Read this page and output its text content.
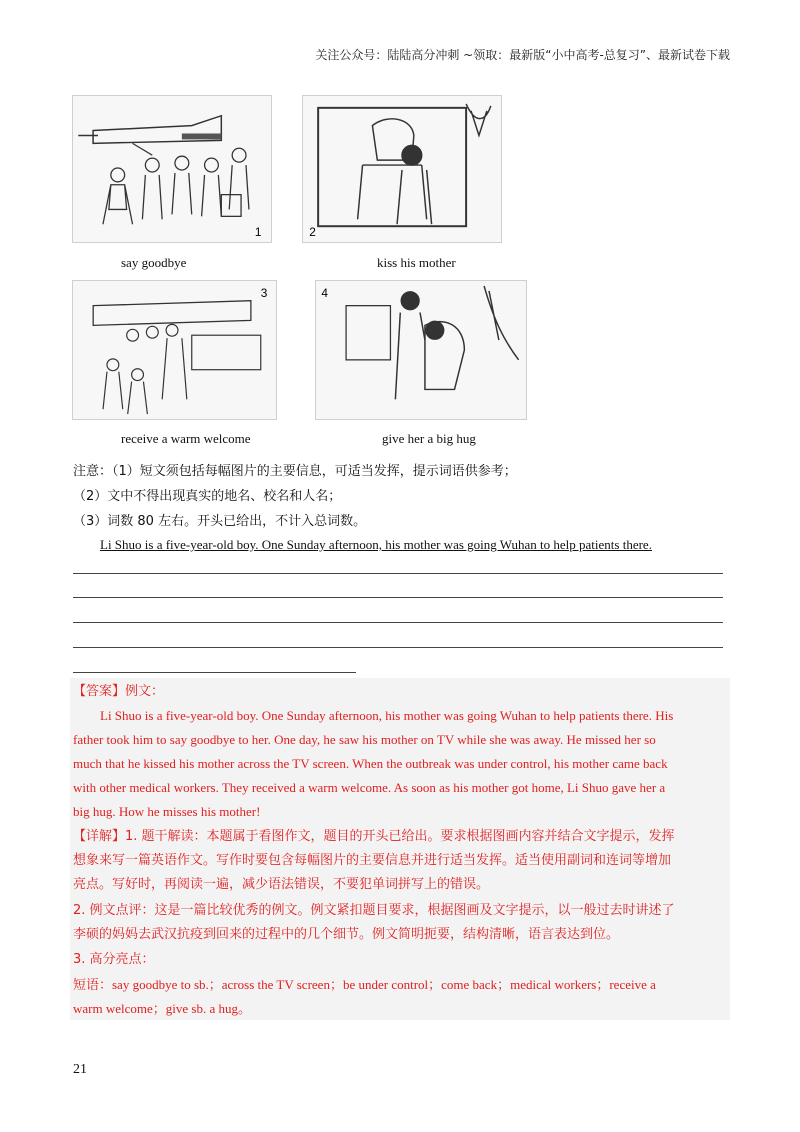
关注公众号：陆陆高分冲刺 ~领取：最新版“小中高考-总复习”、最新试卷下载
1	2
say goodbye	kiss his mother
3	4
receive a warm welcome	give her a big hug
注意：（1）短文须包括每幅图片的主要信息，可适当发挥，提示词语供参考；
（2）文中不得出现真实的地名、校名和人名；
（3）词数 80 左右。开头已给出，不计入总词数。
Li Shuo is a five-year-old boy. One Sunday afternoon, his mother was going Wuhan to help patients there.

【答案】例文：

Li Shuo is a five-year-old boy. One Sunday afternoon, his mother was going Wuhan to help patients there. His

father took him to say goodbye to her. One day, he saw his mother on TV while she was away. He missed her so

much that he kissed his mother across the TV screen. When the outbreak was under control, his mother came back

with other medical workers. They received a warm welcome. As soon as his mother got home, Li Shuo gave her a

big hug. How he misses his mother!

【详解】1. 题干解读：本题属于看图作文，题目的开头已给出。要求根据图画内容并结合文字提示，发挥

想象来写一篇英语作文。写作时要包含每幅图片的主要信息并进行适当发挥。适当使用副词和连词等增加

亮点。写好时，再阅读一遍，减少语法错误，不要犯单词拼写上的错误。

2. 例文点评：这是一篇比较优秀的例文。例文紧扣题目要求，根据图画及文字提示，以一般过去时讲述了

李硕的妈妈去武汉抗疫到回来的过程中的几个细节。例文简明扼要，结构清晰，语言表达到位。

3. 高分亮点：

短语：say goodbye to sb.；across the TV screen；be under control；come back；medical workers；receive a

warm welcome；give sb. a hug。

21
